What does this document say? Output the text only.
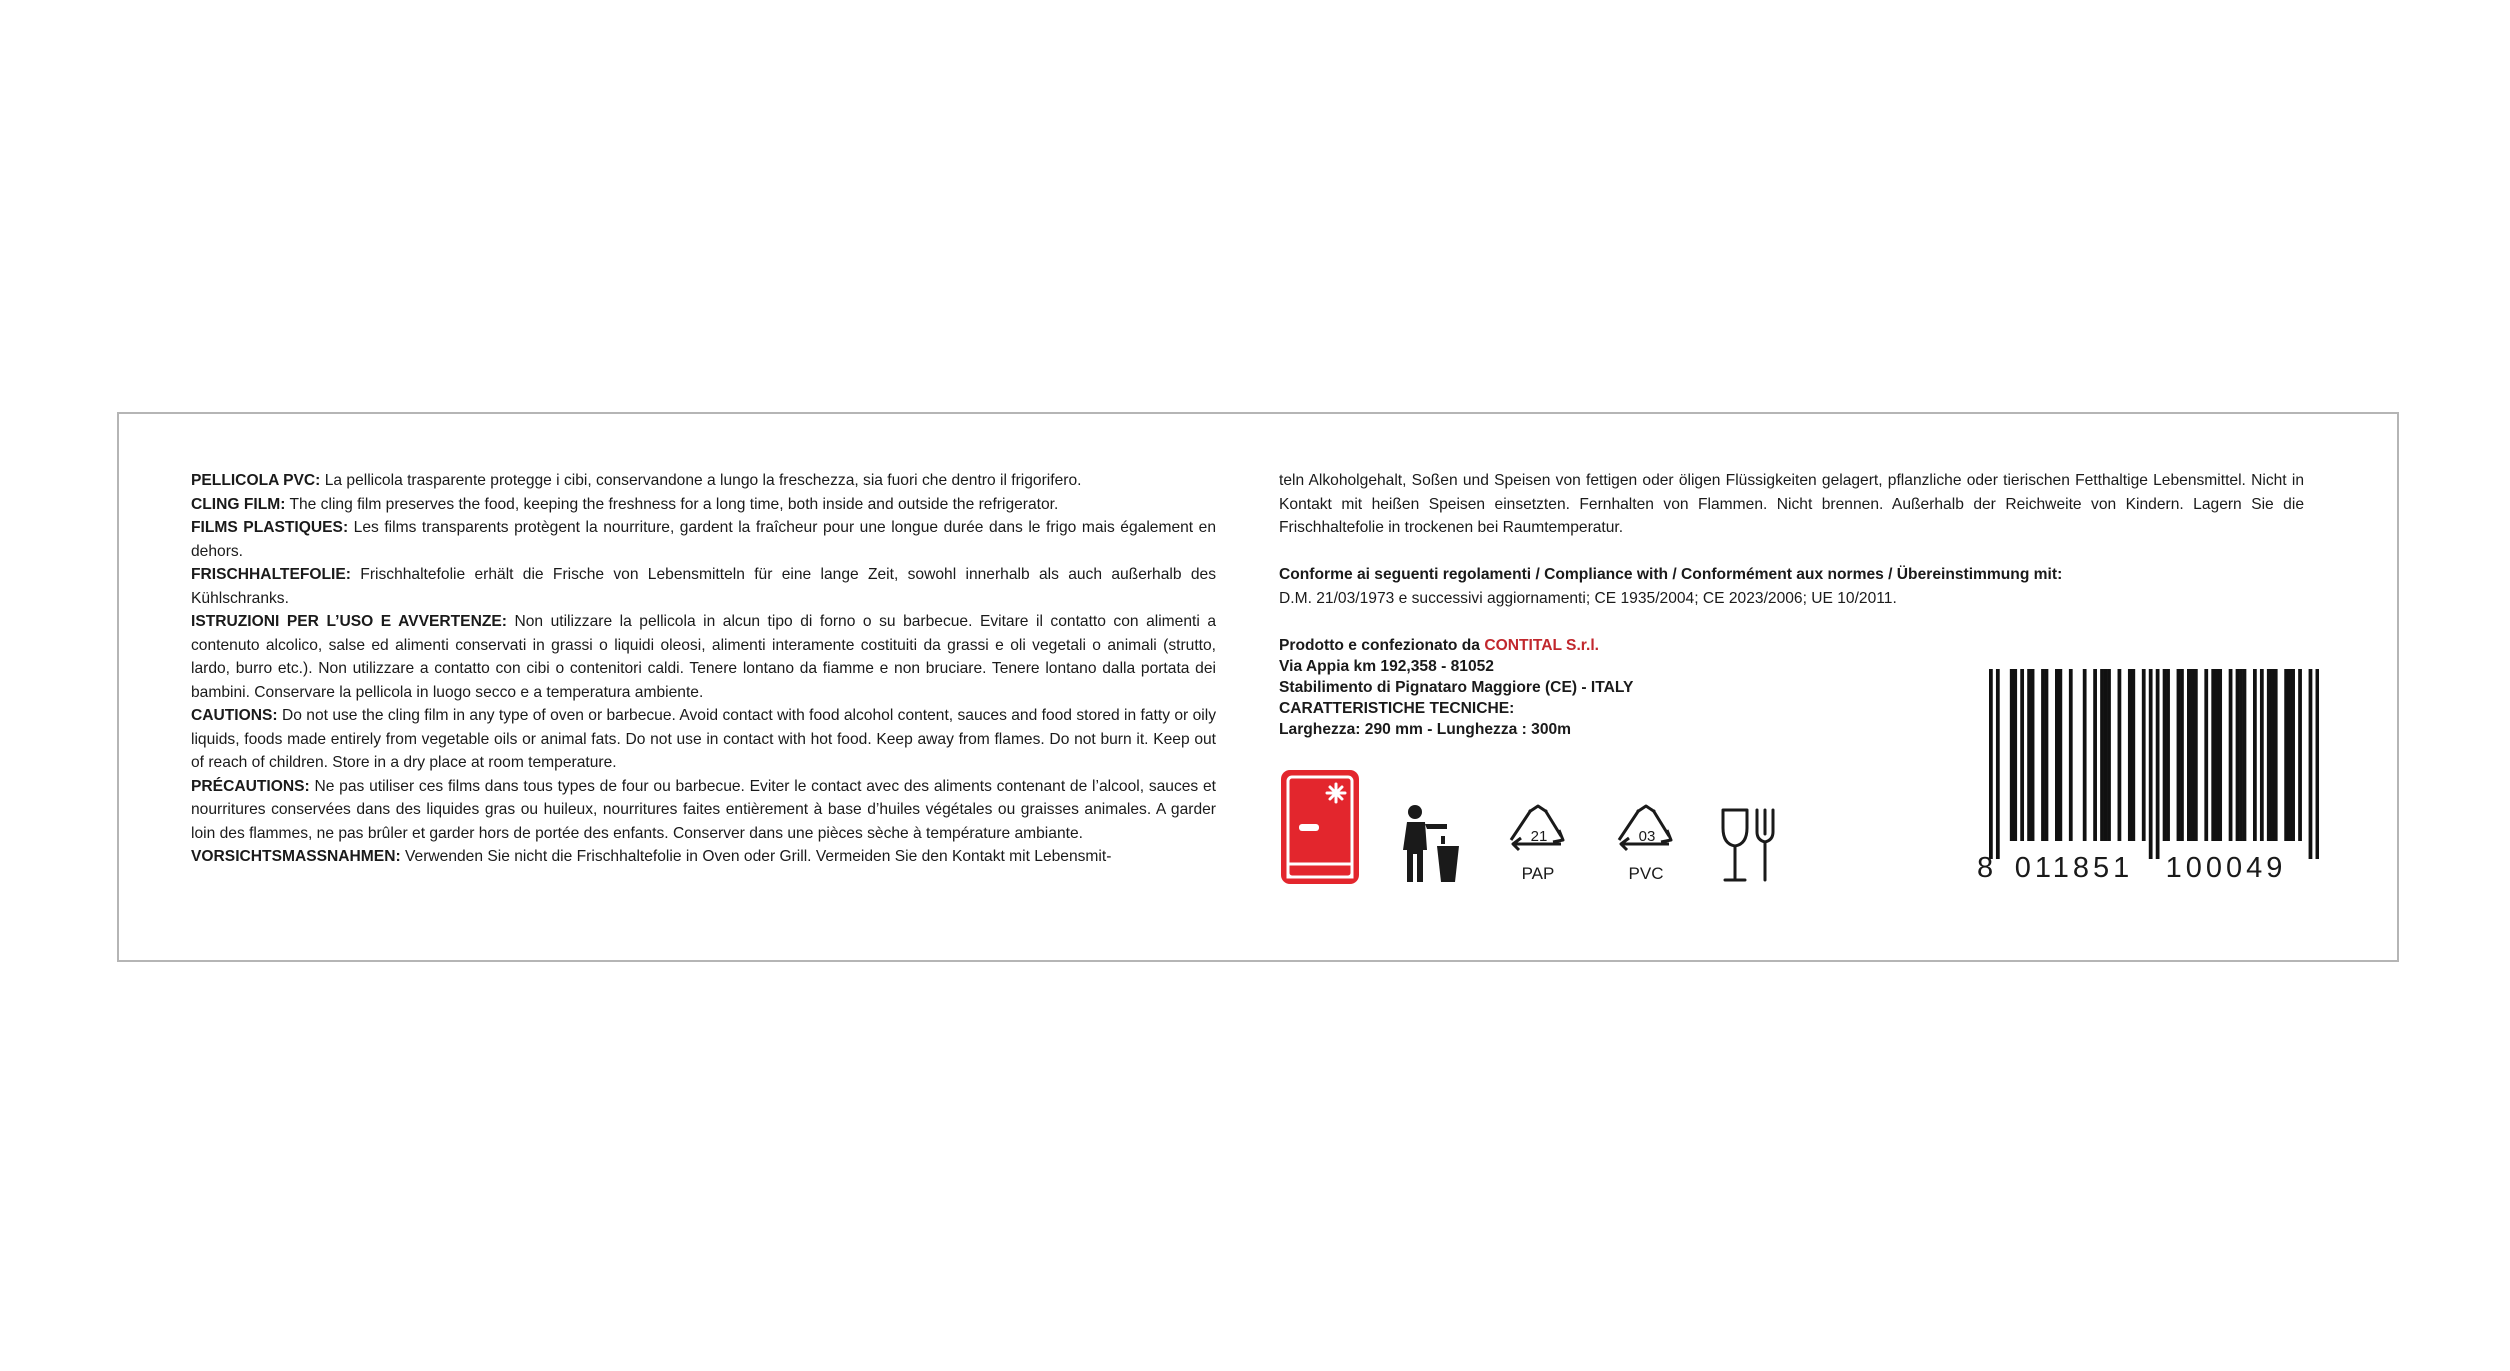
PELLICOLA PVC: La pellicola trasparente protegge i cibi, conservandone a lungo la freschezza, sia fuori che dentro il frigorifero.

CLING FILM: The cling film preserves the food, keeping the freshness for a long time, both inside and outside the refrigerator.

FILMS PLASTIQUES: Les films transparents protègent la nourriture, gardent la fraîcheur pour une longue durée dans le frigo mais également en dehors.

FRISCHHALTEFOLIE: Frischhaltefolie erhält die Frische von Lebensmitteln für eine lange Zeit, sowohl innerhalb als auch außerhalb des Kühlschranks.

ISTRUZIONI PER L’USO E AVVERTENZE: Non utilizzare la pellicola in alcun tipo di forno o su barbecue. Evitare il contatto con alimenti a contenuto alcolico, salse ed alimenti conservati in grassi o liquidi oleosi, alimenti interamente costituiti da grassi e oli vegetali o animali (strutto, lardo, burro etc.). Non utilizzare a contatto con cibi o contenitori caldi. Tenere lontano da fiamme e non bruciare. Tenere lontano dalla portata dei bambini. Conservare la pellicola in luogo secco e a temperatura ambiente.

CAUTIONS: Do not use the cling film in any type of oven or barbecue. Avoid contact with food alcohol content, sauces and food stored in fatty or oily liquids, foods made entirely from vegetable oils or animal fats. Do not use in contact with hot food. Keep away from flames. Do not burn it. Keep out of reach of children. Store in a dry place at room temperature.

PRÉCAUTIONS: Ne pas utiliser ces films dans tous types de four ou barbecue. Eviter le contact avec des aliments contenant de l’alcool, sauces et nourritures conservées dans des liquides gras ou huileux, nourritures faites entièrement à base d’huiles végétales ou graisses animales. A garder loin des flammes, ne pas brûler et garder hors de portée des enfants. Conserver dans une pièces sèche à température ambiante.

VORSICHTSMASSNAHMEN: Verwenden Sie nicht die Frischhaltefolie in Oven oder Grill. Vermeiden Sie den Kontakt mit Lebensmit-

teln Alkoholgehalt, Soßen und Speisen von fettigen oder öligen Flüssigkeiten gelagert, pflanzliche oder tierischen Fetthaltige Lebensmittel. Nicht in Kontakt mit heißen Speisen einsetzten. Fernhalten von Flammen. Nicht brennen. Außerhalb der Reichweite von Kindern. Lagern Sie die Frischhaltefolie in trockenen bei Raumtemperatur.

Conforme ai seguenti regolamenti / Compliance with / Conformément aux normes / Übereinstimmung mit:

D.M. 21/03/1973 e successivi aggiornamenti; CE 1935/2004; CE 2023/2006; UE 10/2011.

Prodotto e confezionato da CONTITAL S.r.l.

Via Appia km 192,358 - 81052

Stabilimento di Pignataro Maggiore (CE) - ITALY

CARATTERISTICHE TECNICHE:

Larghezza: 290 mm - Lunghezza : 300m

21
PAP
03
PVC	8 011851	100049
